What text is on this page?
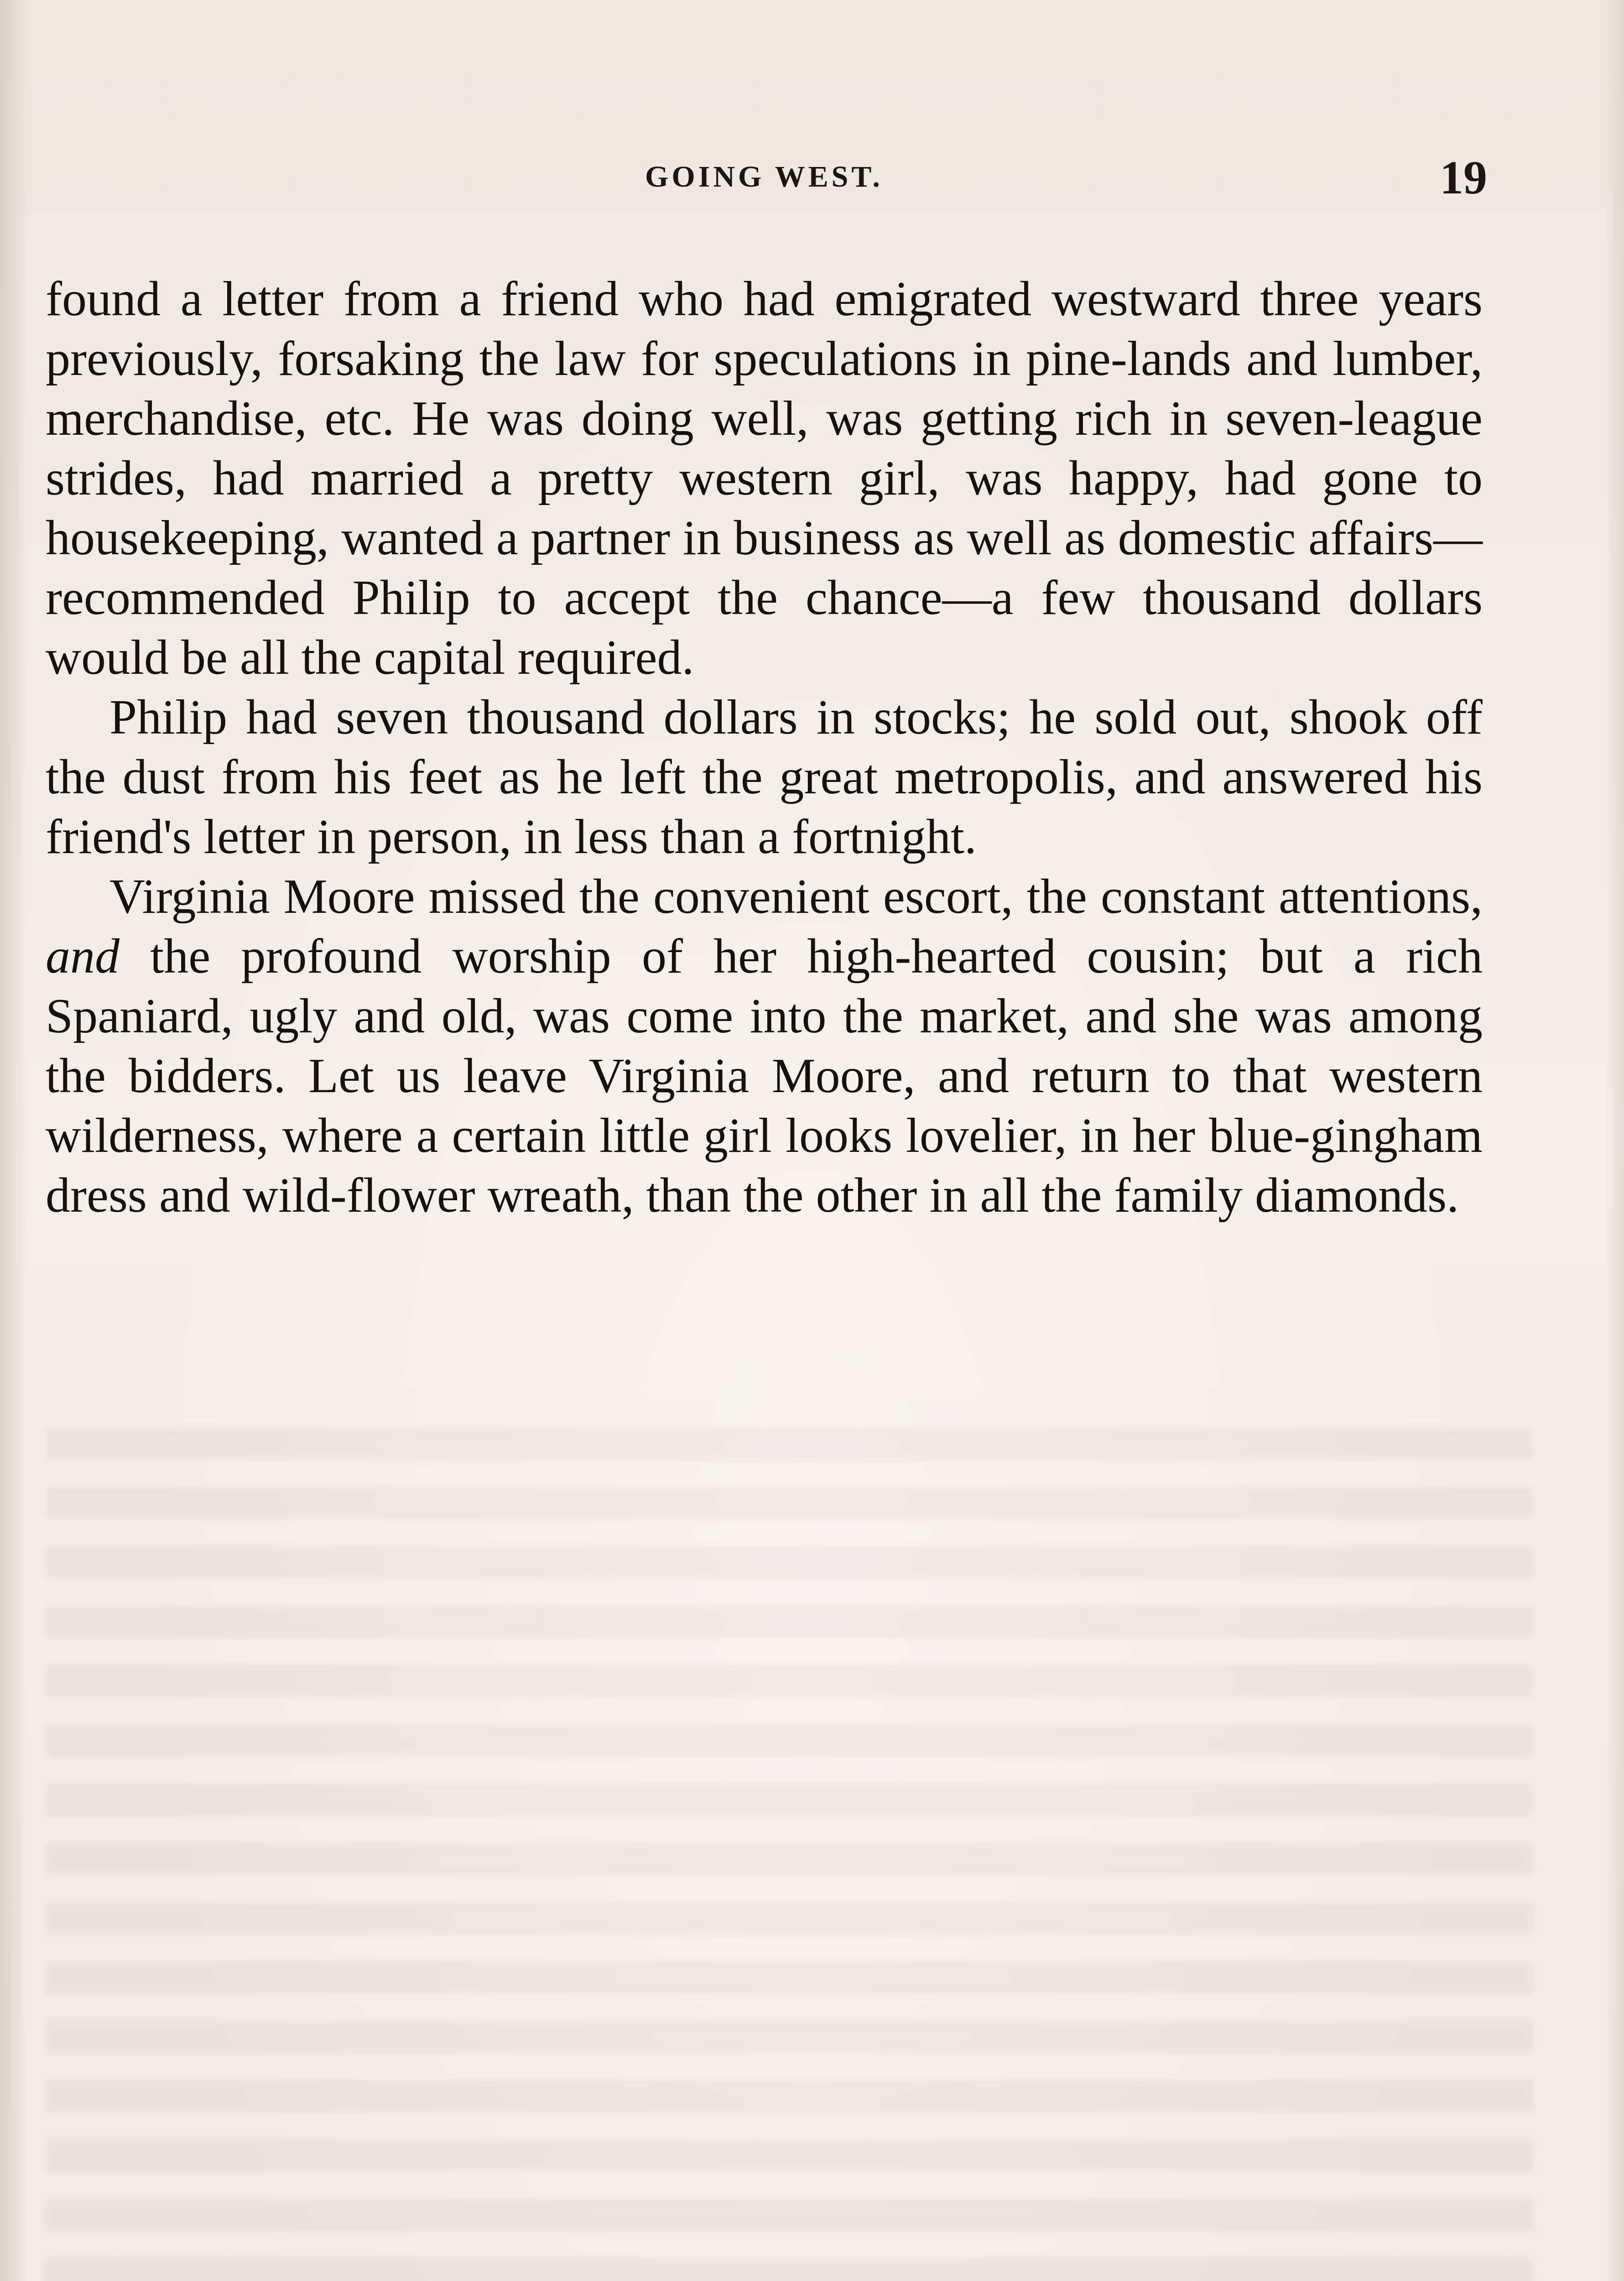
GOING WEST.	19

found a letter from a friend who had emigrated westward three years previously, forsaking the law for speculations in pine-lands and lumber, merchandise, etc. He was doing well, was getting rich in seven-league strides, had married a pretty western girl, was happy, had gone to housekeeping, wanted a partner in business as well as domestic affairs—recommended Philip to accept the chance—a few thousand dollars would be all the capital required.

Philip had seven thousand dollars in stocks; he sold out, shook off the dust from his feet as he left the great metropolis, and answered his friend's letter in person, in less than a fortnight.

Virginia Moore missed the convenient escort, the constant attentions, and the profound worship of her high-hearted cousin; but a rich Spaniard, ugly and old, was come into the market, and she was among the bidders. Let us leave Virginia Moore, and return to that western wilderness, where a certain little girl looks lovelier, in her blue-gingham dress and wild-flower wreath, than the other in all the family diamonds.
